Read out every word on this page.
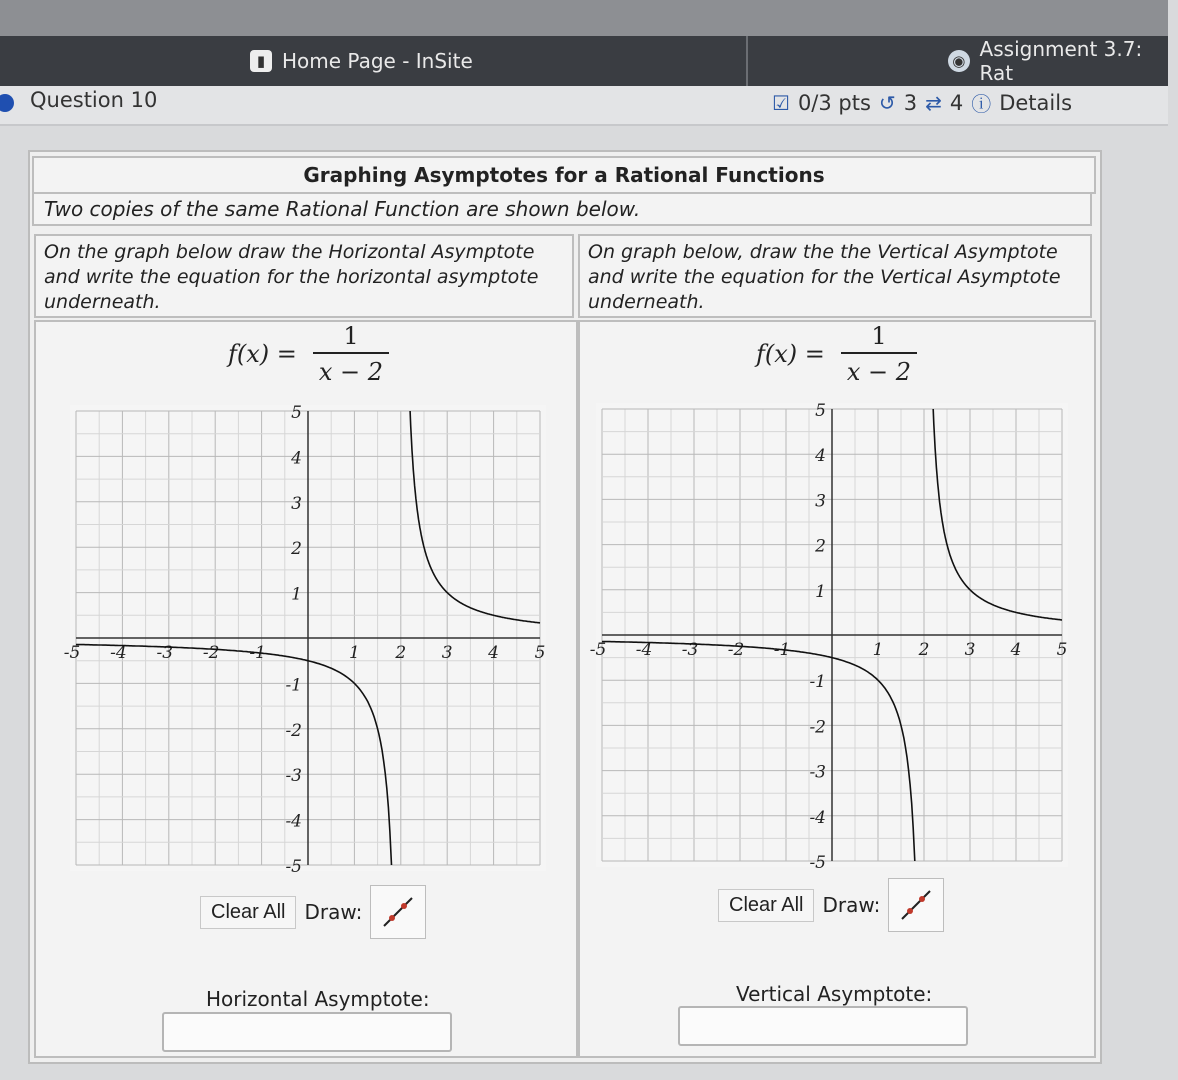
▮ Home Page - InSite	◉ Assignment 3.7: Rat
Question 10	☑ 0/3 pts ↺ 3 ⇄ 4 ⓘ Details
Graphing Asymptotes for a Rational Functions
Two copies of the same Rational Function are shown below.
On the graph below draw the Horizontal Asymptote and write the equation for the horizontal asymptote underneath.
On graph below, draw the the Vertical Asymptote and write the equation for the Vertical Asymptote underneath.
$f(x) = \frac{1}{x - 2}$
-5 -4 -3 -2 -1	1 2 3 4 5
5
4
3
2
1
-1
-2
-3
-4
-5
Clear All Draw:
Horizontal Asymptote:
$f(x) = \frac{1}{x - 2}$
-5 -4 -3 -2 -1	1 2 3 4 5
5
4
3
2
1
-1
-2
-3
-4
-5
Clear All Draw:
Vertical Asymptote:
